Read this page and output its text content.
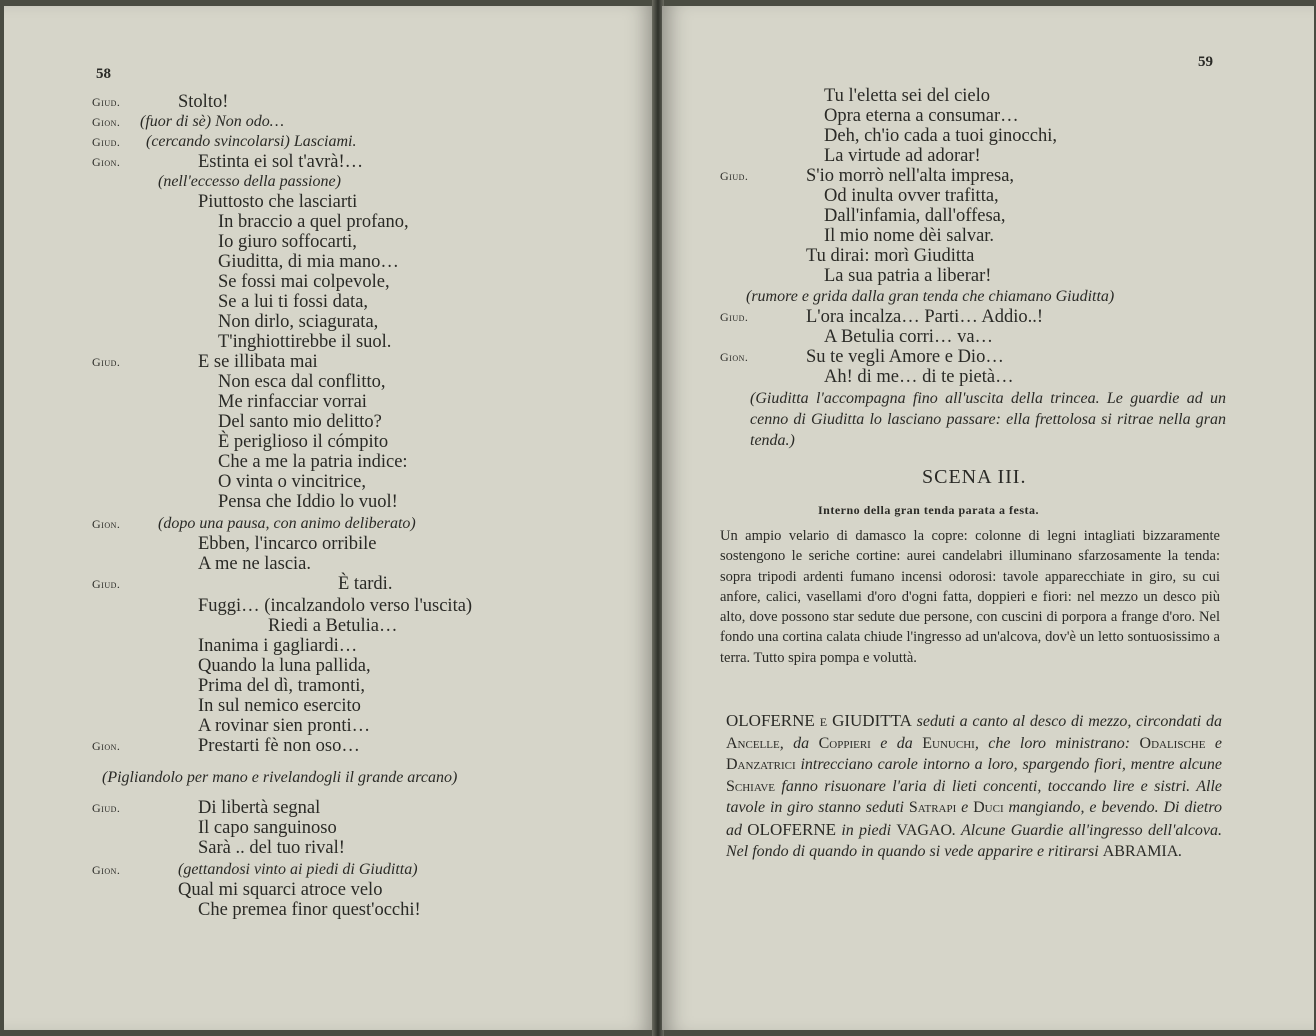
58
Giud.	Stolto!
Gion. (fuor di sè) Non odo…
Giud. (cercando svincolarsi) Lasciami.
Gion.	Estinta ei sol t'avrà!…
(nell'eccesso della passione)
Piuttosto che lasciarti
In braccio a quel profano,
Io giuro soffocarti,
Giuditta, di mia mano…
Se fossi mai colpevole,
Se a lui ti fossi data,
Non dirlo, sciagurata,
T'inghiottirebbe il suol.
Giud.	E se illibata mai
Non esca dal conflitto,
Me rinfacciar vorrai
Del santo mio delitto?
È periglioso il cómpito
Che a me la patria indice:
O vinta o vincitrice,
Pensa che Iddio lo vuol!
Gion. (dopo una pausa, con animo deliberato)
Ebben, l'incarco orribile
A me ne lascia.
Giud.	È tardi.
Fuggi… (incalzandolo verso l'uscita)
Riedi a Betulia…
Inanima i gagliardi…
Quando la luna pallida,
Prima del dì, tramonti,
In sul nemico esercito
A rovinar sien pronti…
Gion.	Prestarti fè non oso…
(Pigliandolo per mano e rivelandogli il grande arcano)
Giud.	Di libertà segnal
Il capo sanguinoso
Sarà .. del tuo rival!
Gion.	(gettandosi vinto ai piedi di Giuditta)
Qual mi squarci atroce velo
Che premea finor quest'occhi!
59
Tu l'eletta sei del cielo
Opra eterna a consumar…
Deh, ch'io cada a tuoi ginocchi,
La virtude ad adorar!
Giud.	S'io morrò nell'alta impresa,
Od inulta ovver trafitta,
Dall'infamia, dall'offesa,
Il mio nome dèi salvar.
Tu dirai: morì Giuditta
La sua patria a liberar!
(rumore e grida dalla gran tenda che chiamano Giuditta)
Giud.	L'ora incalza… Parti… Addio..!
A Betulia corri… va…
Gion.	Su te vegli Amore e Dio…
Ah! di me… di te pietà…
(Giuditta l'accompagna fino all'uscita della trincea. Le guardie ad un cenno di Giuditta lo lasciano passare: ella frettolosa si ritrae nella gran tenda.)
SCENA III.
Interno della gran tenda parata a festa.
Un ampio velario di damasco la copre: colonne di legni intagliati bizzaramente sostengono le seriche cortine: aurei candelabri illuminano sfarzosamente la tenda: sopra tripodi ardenti fumano incensi odorosi: tavole apparecchiate in giro, su cui anfore, calici, vasellami d'oro d'ogni fatta, doppieri e fiori: nel mezzo un desco più alto, dove possono star sedute due persone, con cuscini di porpora a frange d'oro. Nel fondo una cortina calata chiude l'ingresso ad un'alcova, dov'è un letto sontuosissimo a terra. Tutto spira pompa e voluttà.
OLOFERNE e GIUDITTA seduti a canto al desco di mezzo, circondati da Ancelle, da Coppieri e da Eunuchi, che loro ministrano: Odalische e Danzatrici intrecciano carole intorno a loro, spargendo fiori, mentre alcune Schiave fanno risuonare l'aria di lieti concenti, toccando lire e sistri. Alle tavole in giro stanno seduti Satrapi e Duci mangiando, e bevendo. Di dietro ad OLOFERNE in piedi VAGAO. Alcune Guardie all'ingresso dell'alcova. Nel fondo di quando in quando si vede apparire e ritirarsi ABRAMIA.
